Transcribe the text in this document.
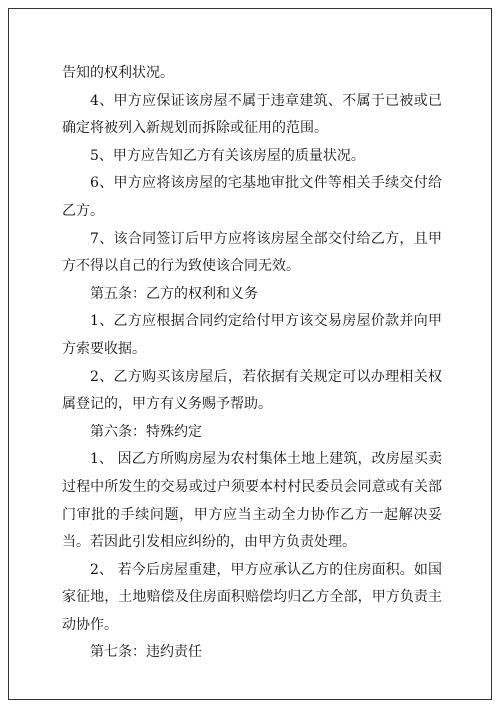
告知的权利状况。

4、甲方应保证该房屋不属于违章建筑、不属于已被或已确定将被列入新规划而拆除或征用的范围。

5、甲方应告知乙方有关该房屋的质量状况。

6、甲方应将该房屋的宅基地审批文件等相关手续交付给乙方。

7、该合同签订后甲方应将该房屋全部交付给乙方，且甲方不得以自己的行为致使该合同无效。

第五条：乙方的权利和义务

1、乙方应根据合同约定给付甲方该交易房屋价款并向甲方索要收据。

2、乙方购买该房屋后，若依据有关规定可以办理相关权属登记的，甲方有义务赐予帮助。

第六条：特殊约定

1、 因乙方所购房屋为农村集体土地上建筑，改房屋买卖过程中所发生的交易或过户须要本村村民委员会同意或有关部门审批的手续问题，甲方应当主动全力协作乙方一起解决妥当。若因此引发相应纠纷的，由甲方负责处理。

2、 若今后房屋重建，甲方应承认乙方的住房面积。如国家征地，土地赔偿及住房面积赔偿均归乙方全部，甲方负责主动协作。

第七条：违约责任
